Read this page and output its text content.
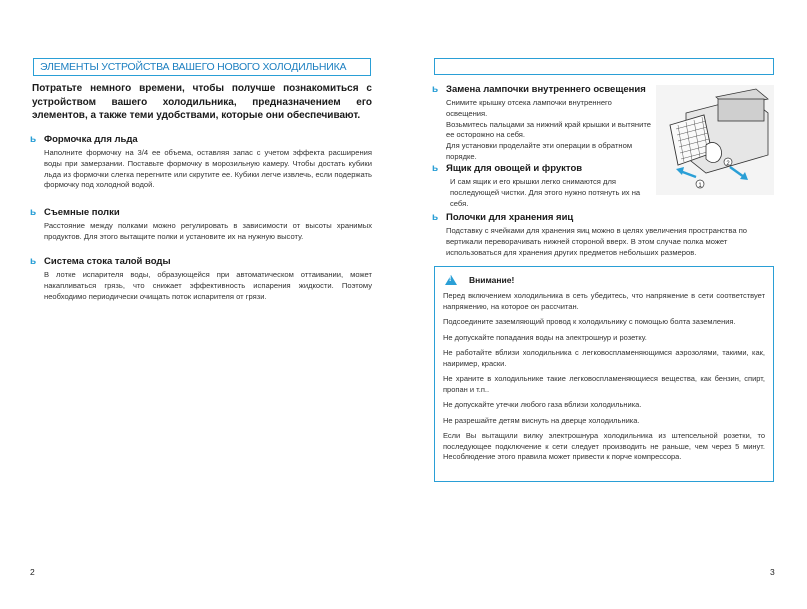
ЭЛЕМЕНТЫ УСТРОЙСТВА ВАШЕГО НОВОГО ХОЛОДИЛЬНИКА
Потратьте немного времени, чтобы получше познакомиться с устройством вашего холодильника, предназначением его элементов, а также теми удобствами, которые они обеспечивают.
ь Формочка для льда
Наполните формочку на 3/4 ее объема, оставляя запас с учетом эффекта расширения воды при замерзании. Поставьте формочку в морозильную камеру. Чтобы достать кубики льда из формочки слегка перегните или скрутите ее. Кубики легче извлечь, если подержать формочку под холодной водой.
ь Съемные полки
Расстояние между полками можно регулировать в зависимости от высоты хранимых продуктов. Для этого вытащите полки и установите их на нужную высоту.
ь Система стока талой воды
В лотке испарителя воды, образующейся при автоматическом оттаивании, может накапливаться грязь, что снижает эффективность испарения жидкости. Поэтому необходимо периодически очищать поток испарителя от грязи.
2
ь Замена лампочки внутреннего освещения
Снимите крышку отсека лампочки внутреннего освещения.
Возьмитесь пальцами за нижний край крышки и вытяните ее осторожно на себя.
Для установки проделайте эти операции в обратном порядке.
ь Ящик для овощей и фруктов
И сам ящик и его крышки легко снимаются для последующей чистки. Для этого нужно потянуть их на себя.
ь Полочки для хранения яиц
Подставку с ячейками для хранения яиц можно в целях увеличения пространства по вертикали переворачивать нижней стороной вверх. В этом случае полка может использоваться для хранения других предметов небольших размеров.
3
1
2
! Внимание!

Перед включением холодильника в сеть убедитесь, что напряжение в сети соответствует напряжению, на которое он рассчитан.

Подсоедините заземляющий провод к холодильнику с помощью болта заземления.

Не допускайте попадания воды на электрошнур и розетку.

Не работайте вблизи холодильника с легковоспламеняющимся аэрозолями, такими, как, наиример, краски.

Не храните в холодильнике такие легковоспламеняющиеся вещества, как бензин, спирт, пропан и т.п..

Не допускайте утечки любого газа вблизи холодильника.

Не разрешайте детям виснуть на дверце холодильника.

Если Вы вытащили вилку электрошнура холодильника из штепсельной розетки, то последующее подключение к сети следует производить не раньше, чем через 5 минут. Несоблюдение этого правила может привести к порче компрессора.
